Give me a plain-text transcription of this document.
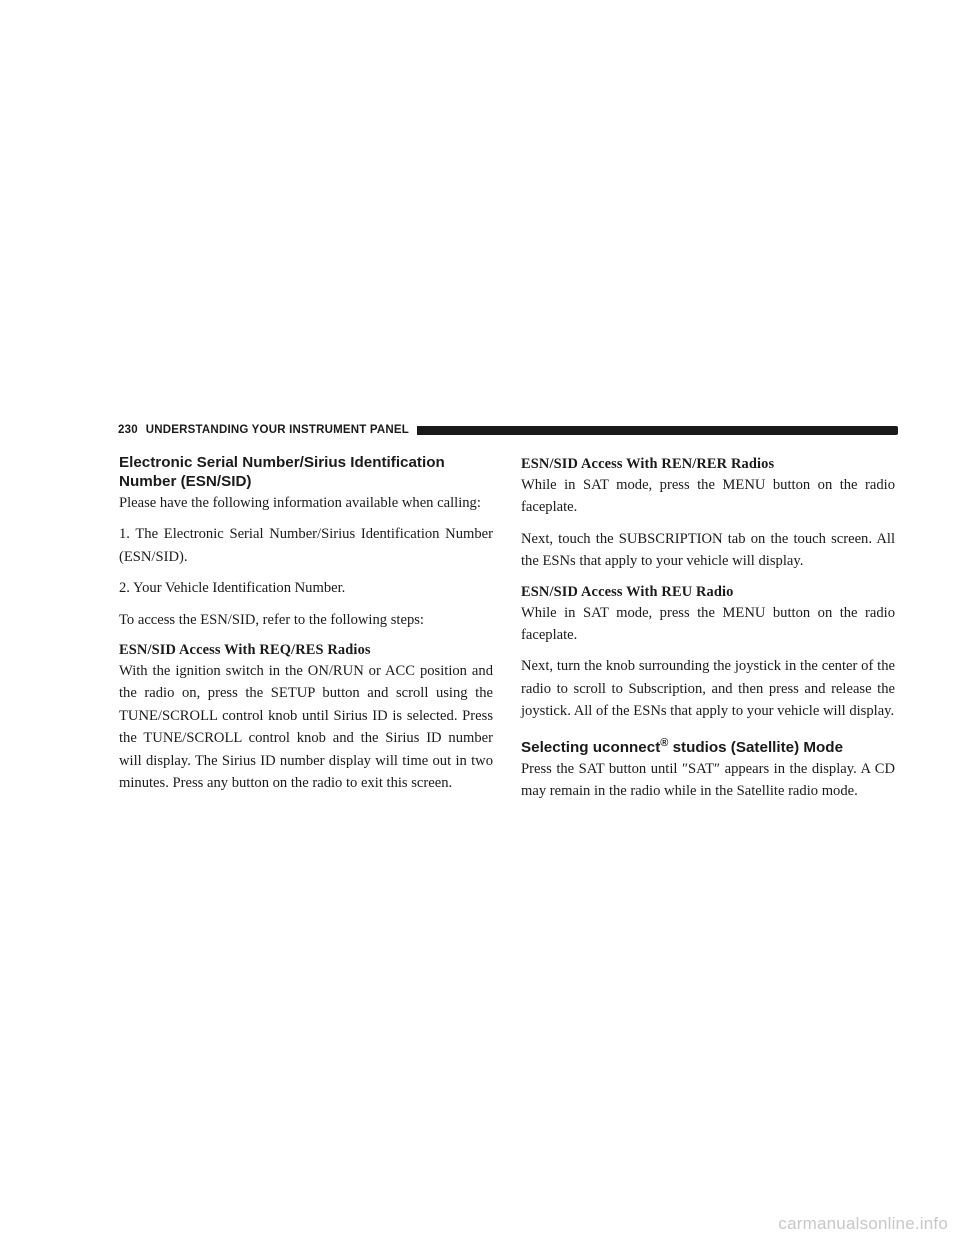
230 UNDERSTANDING YOUR INSTRUMENT PANEL
Electronic Serial Number/Sirius Identification Number (ESN/SID)

Please have the following information available when calling:

1. The Electronic Serial Number/Sirius Identification Number (ESN/SID).

2. Your Vehicle Identification Number.

To access the ESN/SID, refer to the following steps:

ESN/SID Access With REQ/RES Radios

With the ignition switch in the ON/RUN or ACC position and the radio on, press the SETUP button and scroll using the TUNE/SCROLL control knob until Sirius ID is selected. Press the TUNE/SCROLL control knob and the Sirius ID number will display. The Sirius ID number display will time out in two minutes. Press any button on the radio to exit this screen.

ESN/SID Access With REN/RER Radios

While in SAT mode, press the MENU button on the radio faceplate.

Next, touch the SUBSCRIPTION tab on the touch screen. All the ESNs that apply to your vehicle will display.

ESN/SID Access With REU Radio

While in SAT mode, press the MENU button on the radio faceplate.

Next, turn the knob surrounding the joystick in the center of the radio to scroll to Subscription, and then press and release the joystick. All of the ESNs that apply to your vehicle will display.

Selecting uconnect® studios (Satellite) Mode

Press the SAT button until ″SAT″ appears in the display. A CD may remain in the radio while in the Satellite radio mode.

carmanualsonline.info
